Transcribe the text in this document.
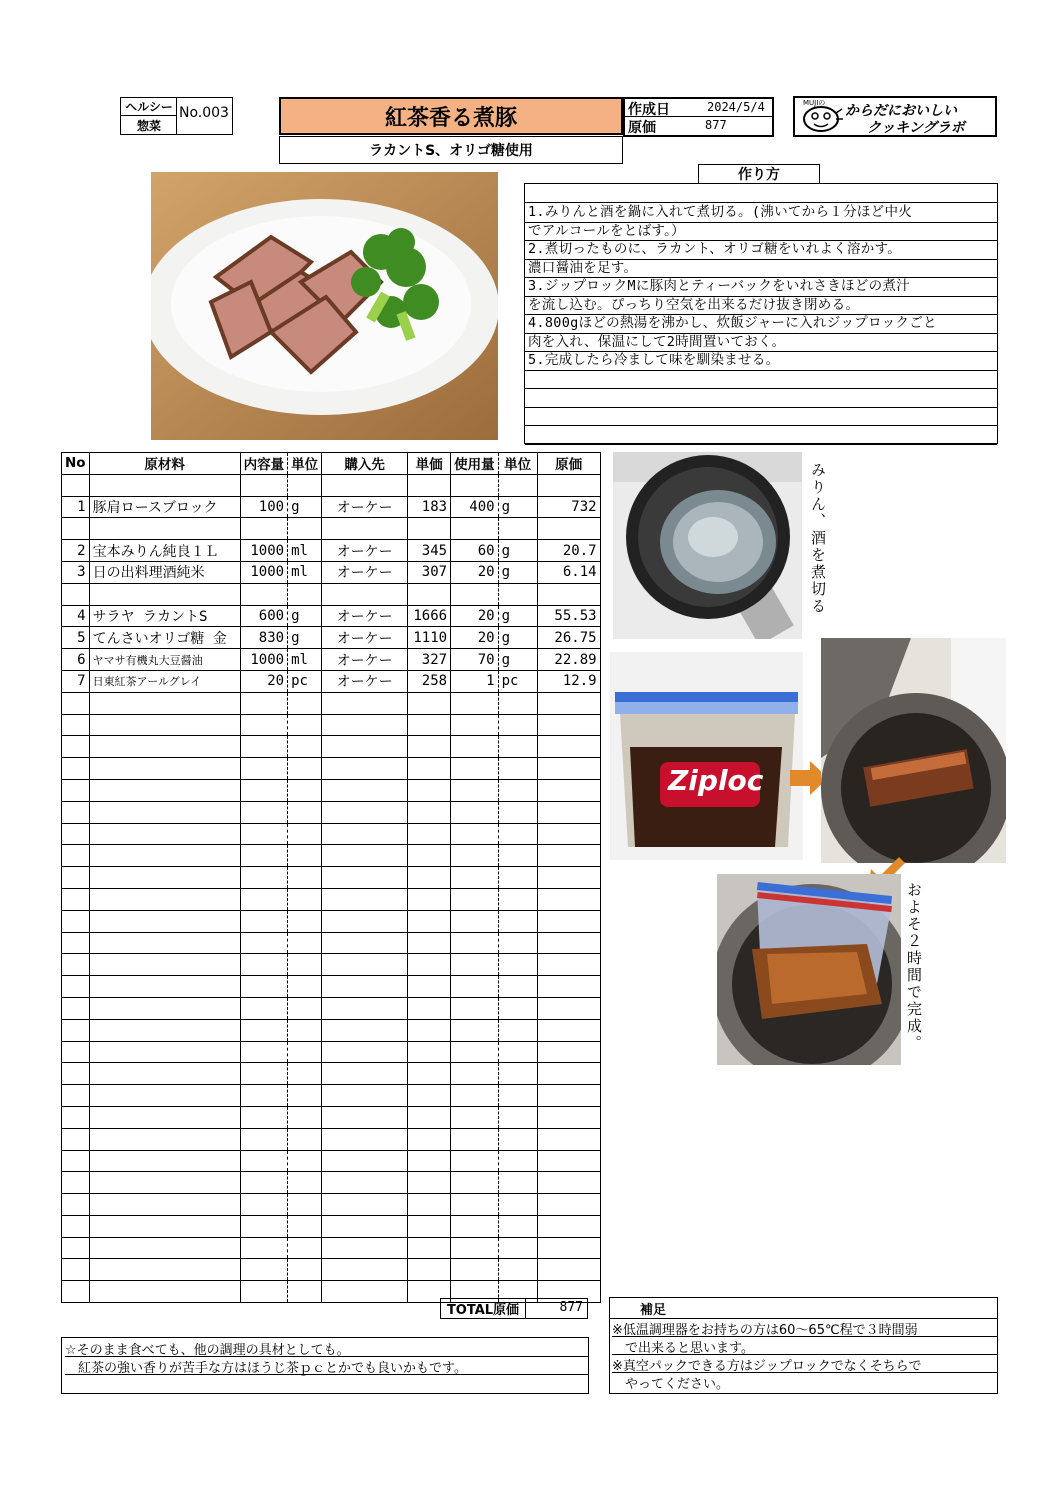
ヘルシー
惣菜
No.003	紅茶香る煮豚
ラカントS、オリゴ糖使用
作成日	2024/5/4
原価	877
MUJIの からだにおいしい
クッキングラボ
作り方
1.みりんと酒を鍋に入れて煮切る。(沸いてから１分ほど中火
でアルコールをとばす。）
2.煮切ったものに、ラカント、オリゴ糖をいれよく溶かす。
濃口醤油を足す。
3.ジップロックMに豚肉とティーバックをいれさきほどの煮汁
を流し込む。ぴっちり空気を出来るだけ抜き閉める。
4.800gほどの熱湯を沸かし、炊飯ジャーに入れジップロックごと
肉を入れ、保温にして2時間置いておく。
5.完成したら冷まして味を馴染ませる。
No	原材料	内容量	単位	購入先	単価	使用量	単位	原価

1	豚肩ロースブロック	100	g	オーケー	183	400	g	732

2	宝本みりん純良１Ｌ	1000	ml	オーケー	345	60	g	20.7
3	日の出料理酒純米	1000	ml	オーケー	307	20	g	6.14

4	サラヤ ラカントS	600	g	オーケー	1666	20	g	55.53
5	てんさいオリゴ糖 金	830	g	オーケー	1110	20	g	26.75
6	ヤマサ有機丸大豆醤油	1000	ml	オーケー	327	70	g	22.89
7	日東紅茶アールグレイ	20	pc	オーケー	258	1	pc	12.9

TOTAL原価	877
☆そのまま食べても、他の調理の具材としても。
　紅茶の強い香りが苦手な方はほうじ茶ｐｃとかでも良いかもです。
補足
※低温調理器をお持ちの方は60～65℃程で３時間弱
　で出来ると思います。
※真空パックできる方はジップロックでなくそちらで
　やってください。
みりん、酒を煮切る
Ziploc
およそ２時間で完成。
